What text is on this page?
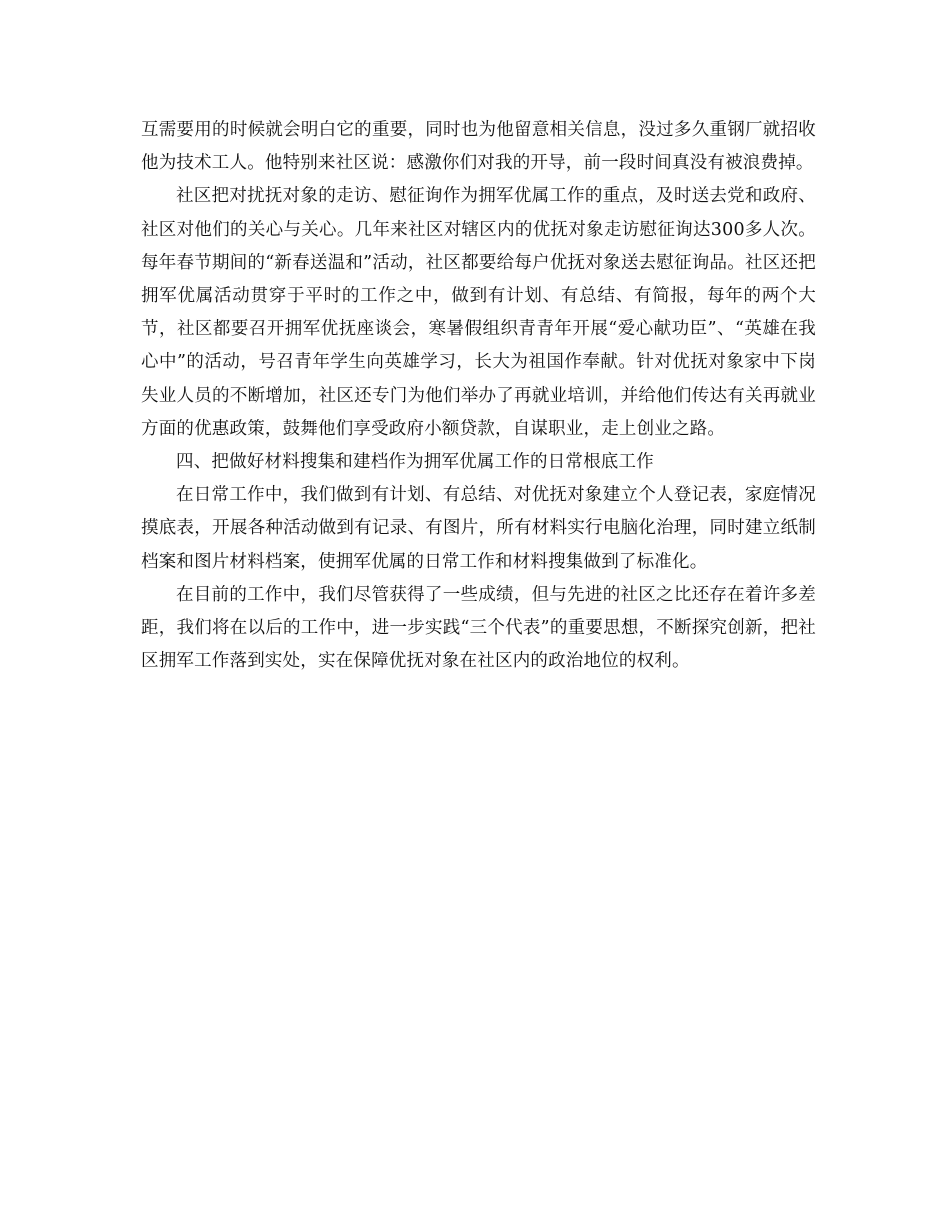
互需要用的时候就会明白它的重要，同时也为他留意相关信息，没过多久重钢厂就招收他为技术工人。他特别来社区说：感激你们对我的开导，前一段时间真没有被浪费掉。

社区把对扰抚对象的走访、慰征询作为拥军优属工作的重点，及时送去党和政府、社区对他们的关心与关心。几年来社区对辖区内的优抚对象走访慰征询达300多人次。每年春节期间的“新春送温和”活动，社区都要给每户优抚对象送去慰征询品。社区还把拥军优属活动贯穿于平时的工作之中，做到有计划、有总结、有简报，每年的两个大节，社区都要召开拥军优抚座谈会，寒暑假组织青青年开展“爱心献功臣”、“英雄在我心中”的活动，号召青年学生向英雄学习，长大为祖国作奉献。针对优抚对象家中下岗失业人员的不断增加，社区还专门为他们举办了再就业培训，并给他们传达有关再就业方面的优惠政策，鼓舞他们享受政府小额贷款，自谋职业，走上创业之路。

四、把做好材料搜集和建档作为拥军优属工作的日常根底工作

在日常工作中，我们做到有计划、有总结、对优抚对象建立个人登记表，家庭情况摸底表，开展各种活动做到有记录、有图片，所有材料实行电脑化治理，同时建立纸制档案和图片材料档案，使拥军优属的日常工作和材料搜集做到了标准化。

在目前的工作中，我们尽管获得了一些成绩，但与先进的社区之比还存在着许多差距，我们将在以后的工作中，进一步实践“三个代表”的重要思想，不断探究创新，把社区拥军工作落到实处，实在保障优抚对象在社区内的政治地位的权利。
